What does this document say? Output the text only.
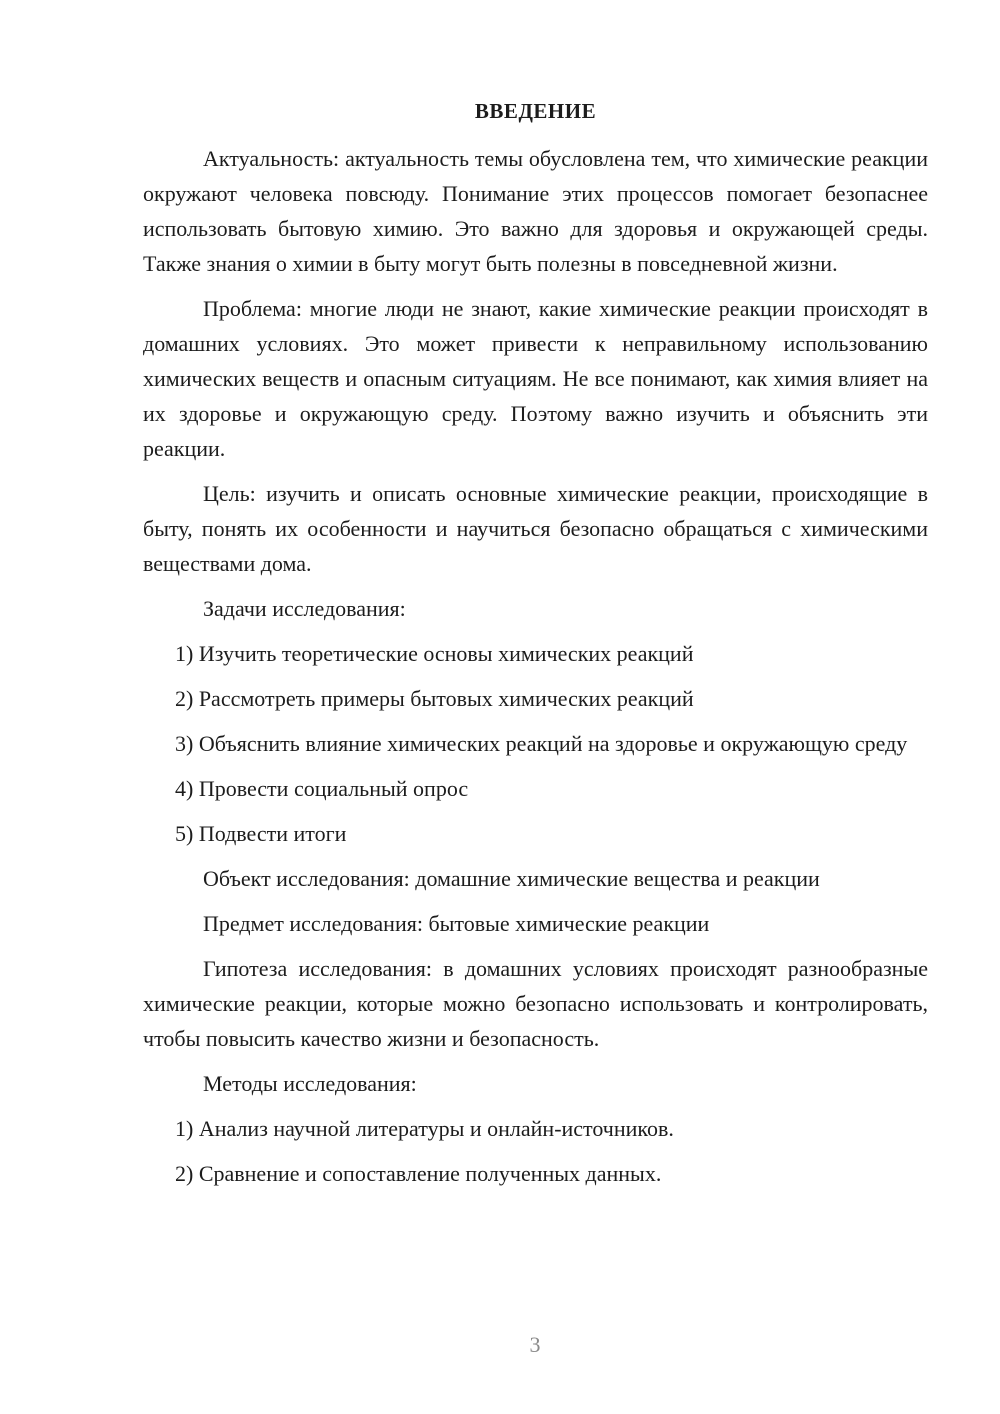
ВВЕДЕНИЕ

Актуальность: актуальность темы обусловлена тем, что химические реакции окружают человека повсюду. Понимание этих процессов помогает безопаснее использовать бытовую химию. Это важно для здоровья и окружающей среды. Также знания о химии в быту могут быть полезны в повседневной жизни.

Проблема: многие люди не знают, какие химические реакции происходят в домашних условиях. Это может привести к неправильному использованию химических веществ и опасным ситуациям. Не все понимают, как химия влияет на их здоровье и окружающую среду. Поэтому важно изучить и объяснить эти реакции.

Цель: изучить и описать основные химические реакции, происходящие в быту, понять их особенности и научиться безопасно обращаться с химическими веществами дома.

Задачи исследования:

1) Изучить теоретические основы химических реакций

2) Рассмотреть примеры бытовых химических реакций

3) Объяснить влияние химических реакций на здоровье и окружающую среду

4) Провести социальный опрос

5) Подвести итоги

Объект исследования: домашние химические вещества и реакции

Предмет исследования: бытовые химические реакции

Гипотеза исследования: в домашних условиях происходят разнообразные химические реакции, которые можно безопасно использовать и контролировать, чтобы повысить качество жизни и безопасность.

Методы исследования:

1) Анализ научной литературы и онлайн-источников.

2) Сравнение и сопоставление полученных данных.

3
